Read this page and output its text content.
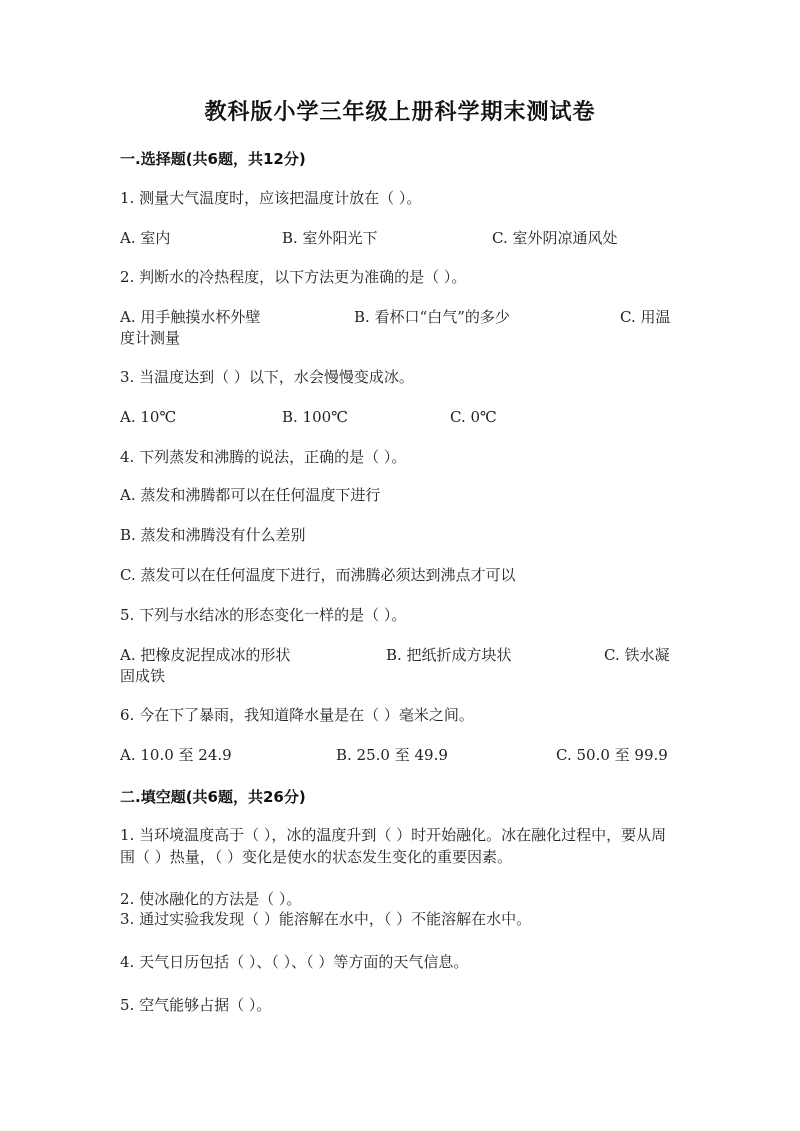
教科版小学三年级上册科学期末测试卷
一.选择题(共6题，共12分)
1. 测量大气温度时，应该把温度计放在（ ）。
A. 室内	B. 室外阳光下	C. 室外阴凉通风处
2. 判断水的冷热程度，以下方法更为准确的是（ ）。
A. 用手触摸水杯外壁	B. 看杯口“白气”的多少	C. 用温
度计测量
3. 当温度达到（ ）以下，水会慢慢变成冰。
A. 10℃	B. 100℃	C. 0℃
4. 下列蒸发和沸腾的说法，正确的是（ ）。
A. 蒸发和沸腾都可以在任何温度下进行
B. 蒸发和沸腾没有什么差别
C. 蒸发可以在任何温度下进行，而沸腾必须达到沸点才可以
5. 下列与水结冰的形态变化一样的是（ ）。
A. 把橡皮泥捏成冰的形状	B. 把纸折成方块状	C. 铁水凝
固成铁
6. 今在下了暴雨，我知道降水量是在（ ）毫米之间。
A. 10.0 至 24.9	B. 25.0 至 49.9	C. 50.0 至 99.9
二.填空题(共6题，共26分)
1. 当环境温度高于（ ），冰的温度升到（ ）时开始融化。冰在融化过程中，要从周围（ ）热量，（ ）变化是使水的状态发生变化的重要因素。
2. 使冰融化的方法是（ ）。
3. 通过实验我发现（ ）能溶解在水中，（ ）不能溶解在水中。
4. 天气日历包括（ ）、（ ）、（ ）等方面的天气信息。
5. 空气能够占据（ ）。
